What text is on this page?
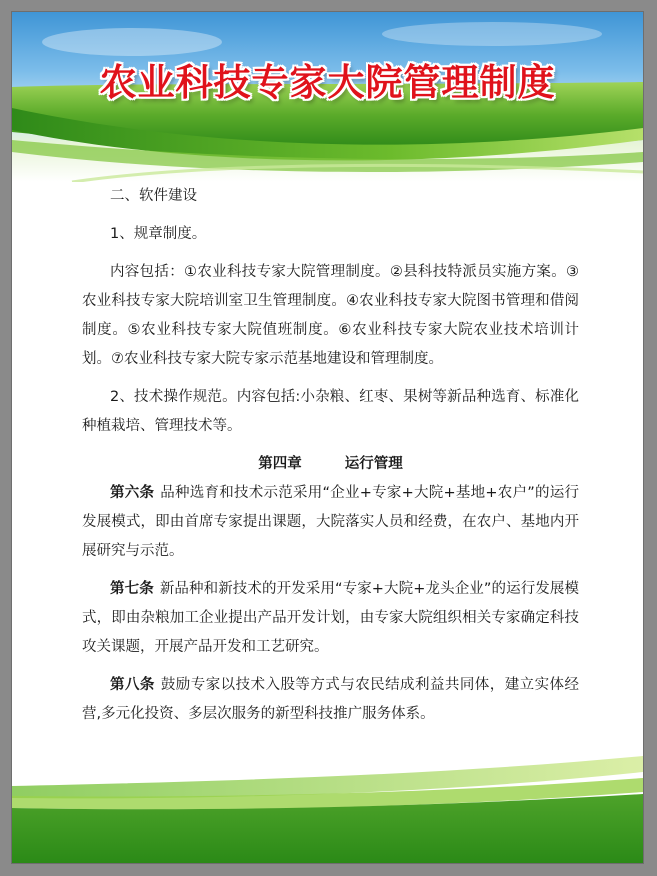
农业科技专家大院管理制度

二、软件建设

1、规章制度。

内容包括：①农业科技专家大院管理制度。②县科技特派员实施方案。③农业科技专家大院培训室卫生管理制度。④农业科技专家大院图书管理和借阅制度。⑤农业科技专家大院值班制度。⑥农业科技专家大院农业技术培训计划。⑦农业科技专家大院专家示范基地建设和管理制度。

2、技术操作规范。内容包括:小杂粮、红枣、果树等新品种选育、标准化种植栽培、管理技术等。

第四章	运行管理

第六条 品种选育和技术示范采用“企业+专家+大院+基地+农户”的运行发展模式，即由首席专家提出课题，大院落实人员和经费，在农户、基地内开展研究与示范。

第七条 新品种和新技术的开发采用“专家+大院+龙头企业”的运行发展模式，即由杂粮加工企业提出产品开发计划，由专家大院组织相关专家确定科技攻关课题，开展产品开发和工艺研究。

第八条 鼓励专家以技术入股等方式与农民结成利益共同体，建立实体经营,多元化投资、多层次服务的新型科技推广服务体系。
